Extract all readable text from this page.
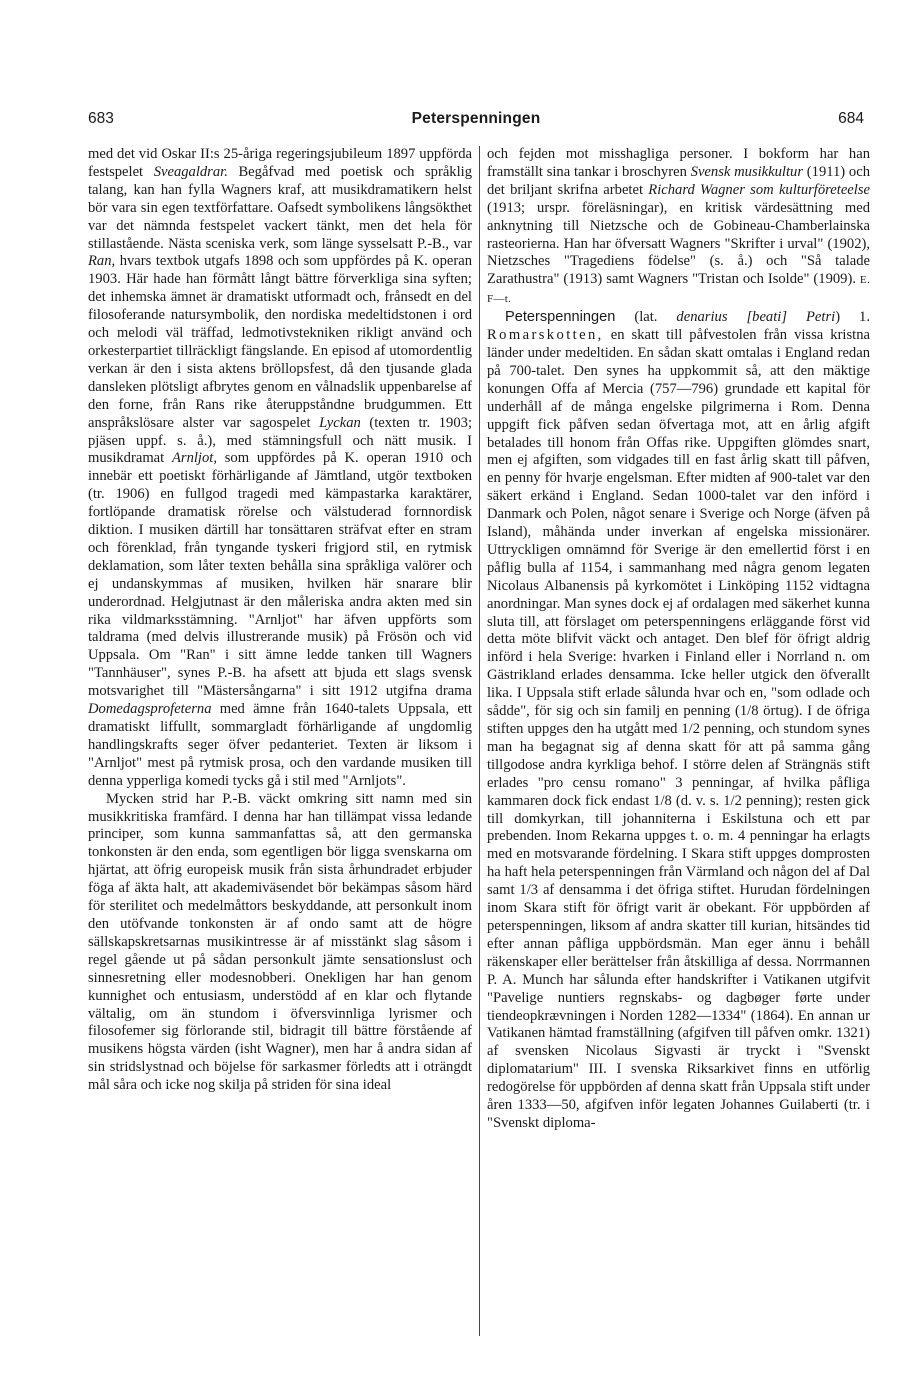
683	Peterspenningen	684

med det vid Oskar II:s 25-åriga regeringsjubileum 1897 uppförda festspelet Sveagaldrar. Begåfvad med poetisk och språklig talang, kan han fylla Wagners kraf, att musikdramatikern helst bör vara sin egen textförfattare. Oafsedt symbolikens långsökthet var det nämnda festspelet vackert tänkt, men det hela för stillastående. Nästa sceniska verk, som länge sysselsatt P.-B., var Ran, hvars textbok utgafs 1898 och som uppfördes på K. operan 1903. Här hade han förmått långt bättre förverkliga sina syften; det inhemska ämnet är dramatiskt utformadt och, frånsedt en del filosoferande natursymbolik, den nordiska medeltidstonen i ord och melodi väl träffad, ledmotivstekniken rikligt använd och orkesterpartiet tillräckligt fängslande. En episod af utomordentlig verkan är den i sista aktens bröllopsfest, då den tjusande glada dansleken plötsligt afbrytes genom en vålnadslik uppenbarelse af den forne, från Rans rike återuppståndne brudgummen. Ett anspråkslösare alster var sagospelet Lyckan (texten tr. 1903; pjäsen uppf. s. å.), med stämningsfull och nätt musik. I musikdramat Arnljot, som uppfördes på K. operan 1910 och innebär ett poetiskt förhärligande af Jämtland, utgör textboken (tr. 1906) en fullgod tragedi med kämpastarka karaktärer, fortlöpande dramatisk rörelse och välstuderad fornnordisk diktion. I musiken därtill har tonsättaren sträfvat efter en stram och förenklad, från tyngande tyskeri frigjord stil, en rytmisk deklamation, som låter texten behålla sina språkliga valörer och ej undanskymmas af musiken, hvilken här snarare blir underordnad. Helgjutnast är den måleriska andra akten med sin rika vildmarksstämning. "Arnljot" har äfven uppförts som taldrama (med delvis illustrerande musik) på Frösön och vid Uppsala. Om "Ran" i sitt ämne ledde tanken till Wagners "Tannhäuser", synes P.-B. ha afsett att bjuda ett slags svensk motsvarighet till "Mästersångarna" i sitt 1912 utgifna drama Domedagsprofeterna med ämne från 1640-talets Uppsala, ett dramatiskt liffullt, sommargladt förhärligande af ungdomlig handlingskrafts seger öfver pedanteriet. Texten är liksom i "Arnljot" mest på rytmisk prosa, och den vardande musiken till denna ypperliga komedi tycks gå i stil med "Arnljots".

Mycken strid har P.-B. väckt omkring sitt namn med sin musikkritiska framfärd. I denna har han tillämpat vissa ledande principer, som kunna sammanfattas så, att den germanska tonkonsten är den enda, som egentligen bör ligga svenskarna om hjärtat, att öfrig europeisk musik från sista århundradet erbjuder föga af äkta halt, att akademiväsendet bör bekämpas såsom härd för sterilitet och medelmåttors beskyddande, att personkult inom den utöfvande tonkonsten är af ondo samt att de högre sällskapskretsarnas musikintresse är af misstänkt slag såsom i regel gående ut på sådan personkult jämte sensationslust och sinnesretning eller modesnobberi. Onekligen har han genom kunnighet och entusiasm, understödd af en klar och flytande vältalig, om än stundom i öfversvinnliga lyrismer och filosofemer sig förlorande stil, bidragit till bättre förstående af musikens högsta värden (isht Wagner), men har å andra sidan af sin stridslystnad och böjelse för sarkasmer förledts att i oträngdt mål såra och icke nog skilja på striden för sina ideal

och fejden mot misshagliga personer. I bokform har han framställt sina tankar i broschyren Svensk musikkultur (1911) och det briljant skrifna arbetet Richard Wagner som kulturföreteelse (1913; urspr. föreläsningar), en kritisk värdesättning med anknytning till Nietzsche och de Gobineau-Chamberlainska rasteorierna. Han har öfversatt Wagners "Skrifter i urval" (1902), Nietzsches "Tragediens födelse" (s. å.) och "Så talade Zarathustra" (1913) samt Wagners "Tristan och Isolde" (1909). E. F—t.

Peterspenningen (lat. denarius [beati] Petri) 1. Romarskotten, en skatt till påfvestolen från vissa kristna länder under medeltiden. En sådan skatt omtalas i England redan på 700-talet. Den synes ha uppkommit så, att den mäktige konungen Offa af Mercia (757—796) grundade ett kapital för underhåll af de många engelske pilgrimerna i Rom. Denna uppgift fick påfven sedan öfvertaga mot, att en årlig afgift betalades till honom från Offas rike. Uppgiften glömdes snart, men ej afgiften, som vidgades till en fast årlig skatt till påfven, en penny för hvarje engelsman. Efter midten af 900-talet var den säkert erkänd i England. Sedan 1000-talet var den införd i Danmark och Polen, något senare i Sverige och Norge (äfven på Island), måhända under inverkan af engelska missionärer. Uttryckligen omnämnd för Sverige är den emellertid först i en påflig bulla af 1154, i sammanhang med några genom legaten Nicolaus Albanensis på kyrkomötet i Linköping 1152 vidtagna anordningar. Man synes dock ej af ordalagen med säkerhet kunna sluta till, att förslaget om peterspenningens erläggande först vid detta möte blifvit väckt och antaget. Den blef för öfrigt aldrig införd i hela Sverige: hvarken i Finland eller i Norrland n. om Gästrikland erlades densamma. Icke heller utgick den öfverallt lika. I Uppsala stift erlade sålunda hvar och en, "som odlade och sådde", för sig och sin familj en penning (1/8 örtug). I de öfriga stiften uppges den ha utgått med 1/2 penning, och stundom synes man ha begagnat sig af denna skatt för att på samma gång tillgodose andra kyrkliga behof. I större delen af Strängnäs stift erlades "pro censu romano" 3 penningar, af hvilka påfliga kammaren dock fick endast 1/8 (d. v. s. 1/2 penning); resten gick till domkyrkan, till johanniterna i Eskilstuna och ett par prebenden. Inom Rekarna uppges t. o. m. 4 penningar ha erlagts med en motsvarande fördelning. I Skara stift uppges domprosten ha haft hela peterspenningen från Värmland och någon del af Dal samt 1/3 af densamma i det öfriga stiftet. Hurudan fördelningen inom Skara stift för öfrigt varit är obekant. För uppbörden af peterspenningen, liksom af andra skatter till kurian, hitsändes tid efter annan påfliga uppbördsmän. Man eger ännu i behåll räkenskaper eller berättelser från åtskilliga af dessa. Norrmannen P. A. Munch har sålunda efter handskrifter i Vatikanen utgifvit "Pavelige nuntiers regnskabs- og dagbøger førte under tiendeopkrævningen i Norden 1282—1334" (1864). En annan ur Vatikanen hämtad framställning (afgifven till påfven omkr. 1321) af svensken Nicolaus Sigvasti är tryckt i "Svenskt diplomatarium" III. I svenska Riksarkivet finns en utförlig redogörelse för uppbörden af denna skatt från Uppsala stift under åren 1333—50, afgifven inför legaten Johannes Guilaberti (tr. i "Svenskt diploma-
